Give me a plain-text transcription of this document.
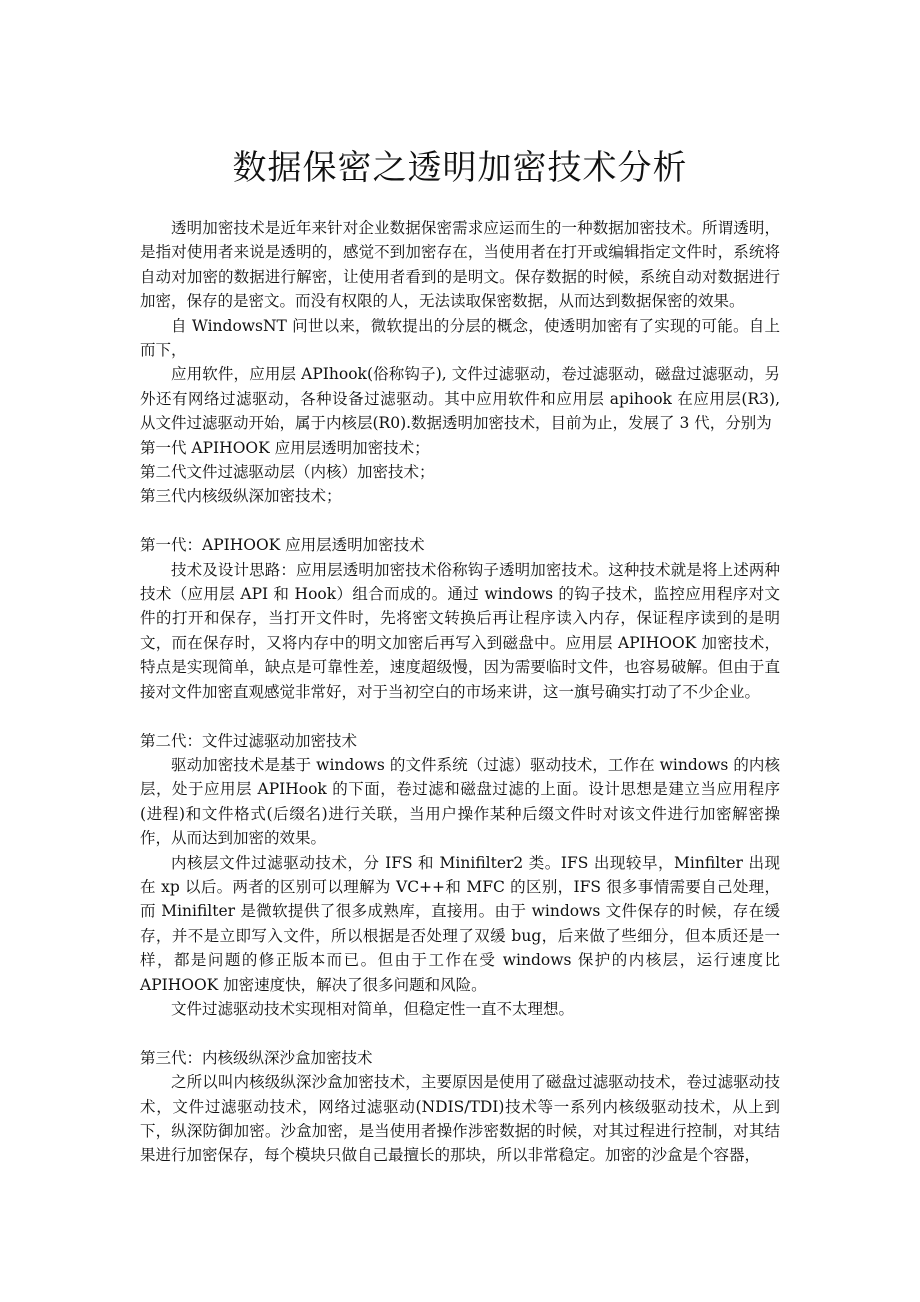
数据保密之透明加密技术分析

透明加密技术是近年来针对企业数据保密需求应运而生的一种数据加密技术。所谓透明，是指对使用者来说是透明的，感觉不到加密存在，当使用者在打开或编辑指定文件时，系统将自动对加密的数据进行解密，让使用者看到的是明文。保存数据的时候，系统自动对数据进行加密，保存的是密文。而没有权限的人，无法读取保密数据，从而达到数据保密的效果。

自 WindowsNT 问世以来，微软提出的分层的概念，使透明加密有了实现的可能。自上而下，

应用软件，应用层 APIhook(俗称钩子), 文件过滤驱动，卷过滤驱动，磁盘过滤驱动，另外还有网络过滤驱动，各种设备过滤驱动。其中应用软件和应用层 apihook 在应用层(R3), 从文件过滤驱动开始，属于内核层(R0).数据透明加密技术，目前为止，发展了 3 代，分别为

第一代 APIHOOK 应用层透明加密技术；

第二代文件过滤驱动层（内核）加密技术；

第三代内核级纵深加密技术；

第一代：APIHOOK 应用层透明加密技术

技术及设计思路：应用层透明加密技术俗称钩子透明加密技术。这种技术就是将上述两种技术（应用层 API 和 Hook）组合而成的。通过 windows 的钩子技术，监控应用程序对文件的打开和保存，当打开文件时，先将密文转换后再让程序读入内存，保证程序读到的是明文，而在保存时，又将内存中的明文加密后再写入到磁盘中。应用层 APIHOOK 加密技术，特点是实现简单，缺点是可靠性差，速度超级慢，因为需要临时文件，也容易破解。但由于直接对文件加密直观感觉非常好，对于当初空白的市场来讲，这一旗号确实打动了不少企业。

第二代：文件过滤驱动加密技术

驱动加密技术是基于 windows 的文件系统（过滤）驱动技术，工作在 windows 的内核层，处于应用层 APIHook 的下面，卷过滤和磁盘过滤的上面。设计思想是建立当应用程序(进程)和文件格式(后缀名)进行关联，当用户操作某种后缀文件时对该文件进行加密解密操作，从而达到加密的效果。

内核层文件过滤驱动技术，分 IFS 和 Minifilter2 类。IFS 出现较早，Minfilter 出现在 xp 以后。两者的区别可以理解为 VC++和 MFC 的区别，IFS 很多事情需要自己处理，而 Minifilter 是微软提供了很多成熟库，直接用。由于 windows 文件保存的时候，存在缓存，并不是立即写入文件，所以根据是否处理了双缓 bug，后来做了些细分，但本质还是一样，都是问题的修正版本而已。但由于工作在受 windows 保护的内核层，运行速度比 APIHOOK 加密速度快，解决了很多问题和风险。

文件过滤驱动技术实现相对简单，但稳定性一直不太理想。

第三代：内核级纵深沙盒加密技术

之所以叫内核级纵深沙盒加密技术，主要原因是使用了磁盘过滤驱动技术，卷过滤驱动技术，文件过滤驱动技术，网络过滤驱动(NDIS/TDI)技术等一系列内核级驱动技术，从上到下，纵深防御加密。沙盒加密，是当使用者操作涉密数据的时候，对其过程进行控制，对其结果进行加密保存，每个模块只做自己最擅长的那块，所以非常稳定。加密的沙盒是个容器，
